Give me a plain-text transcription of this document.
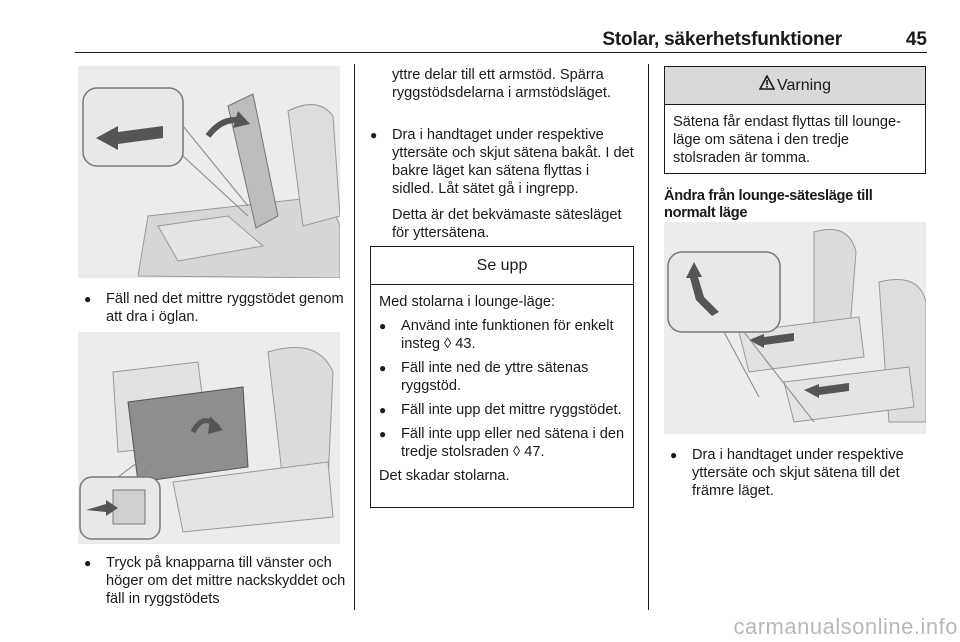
Stolar, säkerhetsfunktioner	45
●	Fäll ned det mittre ryggstödet genom att dra i öglan.
●	Tryck på knapparna till vänster och höger om det mittre nackskyddet och fäll in ryggstödets
yttre delar till ett armstöd. Spärra ryggstödsdelarna i armstödsläget.
●	Dra i handtaget under respektive yttersäte och skjut sätena bakåt. I det bakre läget kan sätena flyttas i sidled. Låt sätet gå i ingrepp.
Detta är det bekvämaste sätesläget för yttersätena.
Se upp
Med stolarna i lounge-läge:
● Använd inte funktionen för enkelt insteg ◊ 43.
● Fäll inte ned de yttre sätenas ryggstöd.
● Fäll inte upp det mittre ryggstödet.
● Fäll inte upp eller ned sätena i den tredje stolsraden ◊ 47.
Det skadar stolarna.
Varning
Sätena får endast flyttas till lounge-läge om sätena i den tredje stolsraden är tomma.
Ändra från lounge-sätesläge till normalt läge
●	Dra i handtaget under respektive yttersäte och skjut sätena till det främre läget.
carmanualsonline.info
